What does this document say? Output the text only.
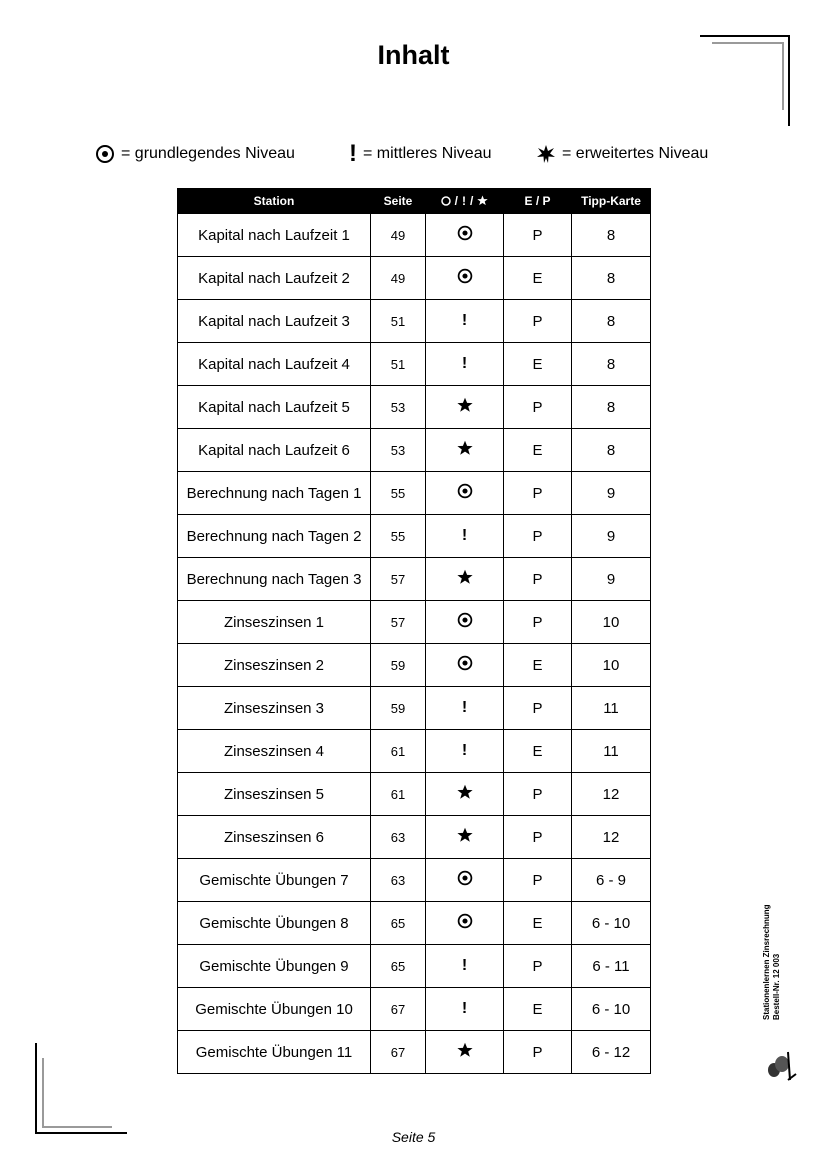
Inhalt
= grundlegendes Niveau ! = mittleres Niveau	= erweitertes Niveau
Station	Seite	/ ! /	E / P	Tipp-Karte
Kapital nach Laufzeit 1	49		P	8
Kapital nach Laufzeit 2	49		E	8
Kapital nach Laufzeit 3	51	!	P	8
Kapital nach Laufzeit 4	51	!	E	8
Kapital nach Laufzeit 5	53		P	8
Kapital nach Laufzeit 6	53		E	8
Berechnung nach Tagen 1	55		P	9
Berechnung nach Tagen 2	55	!	P	9
Berechnung nach Tagen 3	57		P	9
Zinseszinsen 1	57		P	10
Zinseszinsen 2	59		E	10
Zinseszinsen 3	59	!	P	11
Zinseszinsen 4	61	!	E	11
Zinseszinsen 5	61		P	12
Zinseszinsen 6	63		P	12
Gemischte Übungen 7	63		P	6 - 9
Gemischte Übungen 8	65		E	6 - 10
Gemischte Übungen 9	65	!	P	6 - 11
Gemischte Übungen 10	67	!	E	6 - 10
Gemischte Übungen 11	67		P	6 - 12
Stationenlernen Zinsrechnung Bestell-Nr. 12 003
Seite 5
